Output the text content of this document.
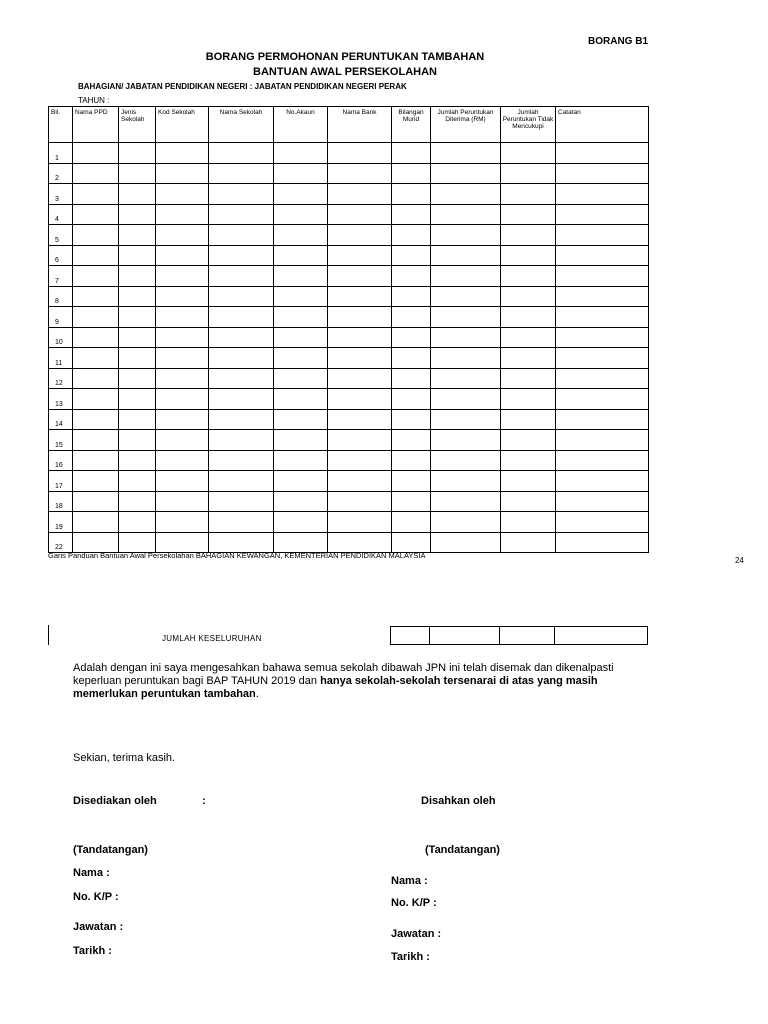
BORANG B1
BORANG PERMOHONAN PERUNTUKAN TAMBAHAN
BANTUAN AWAL PERSEKOLAHAN
BAHAGIAN/ JABATAN PENDIDIKAN NEGERI : JABATAN PENDIDIKAN NEGERI PERAK
TAHUN :
Bil.	Nama PPD	Jenis Sekolah	Kod Sekolah	Nama Sekolah	No.Akaun	Nama Bank	Bilangan Murid	Jumlah Peruntukan Diterima (RM)	Jumlah Peruntukan Tidak Mencukupi	Catatan
1										
2										
3										
4										
5										
6										
7										
8										
9										
10										
11										
12										
13										
14										
15										
16										
17										
18										
19										
22										
Garis Panduan Bantuan Awal Persekolahan BAHAGIAN KEWANGAN, KEMENTERIAN PENDIDIKAN MALAYSIA
24
JUMLAH KESELURUHAN

Adalah dengan ini saya mengesahkan bahawa semua sekolah dibawah JPN ini telah disemak dan dikenalpasti keperluan peruntukan bagi BAP TAHUN 2019 dan hanya sekolah-sekolah tersenarai di atas yang masih memerlukan peruntukan tambahan.
Sekian, terima kasih.
Disediakan oleh	:
(Tandatangan)
Nama :
No. K/P :
Jawatan :
Tarikh :
Disahkan oleh
(Tandatangan)
Nama :
No. K/P :
Jawatan :
Tarikh :
